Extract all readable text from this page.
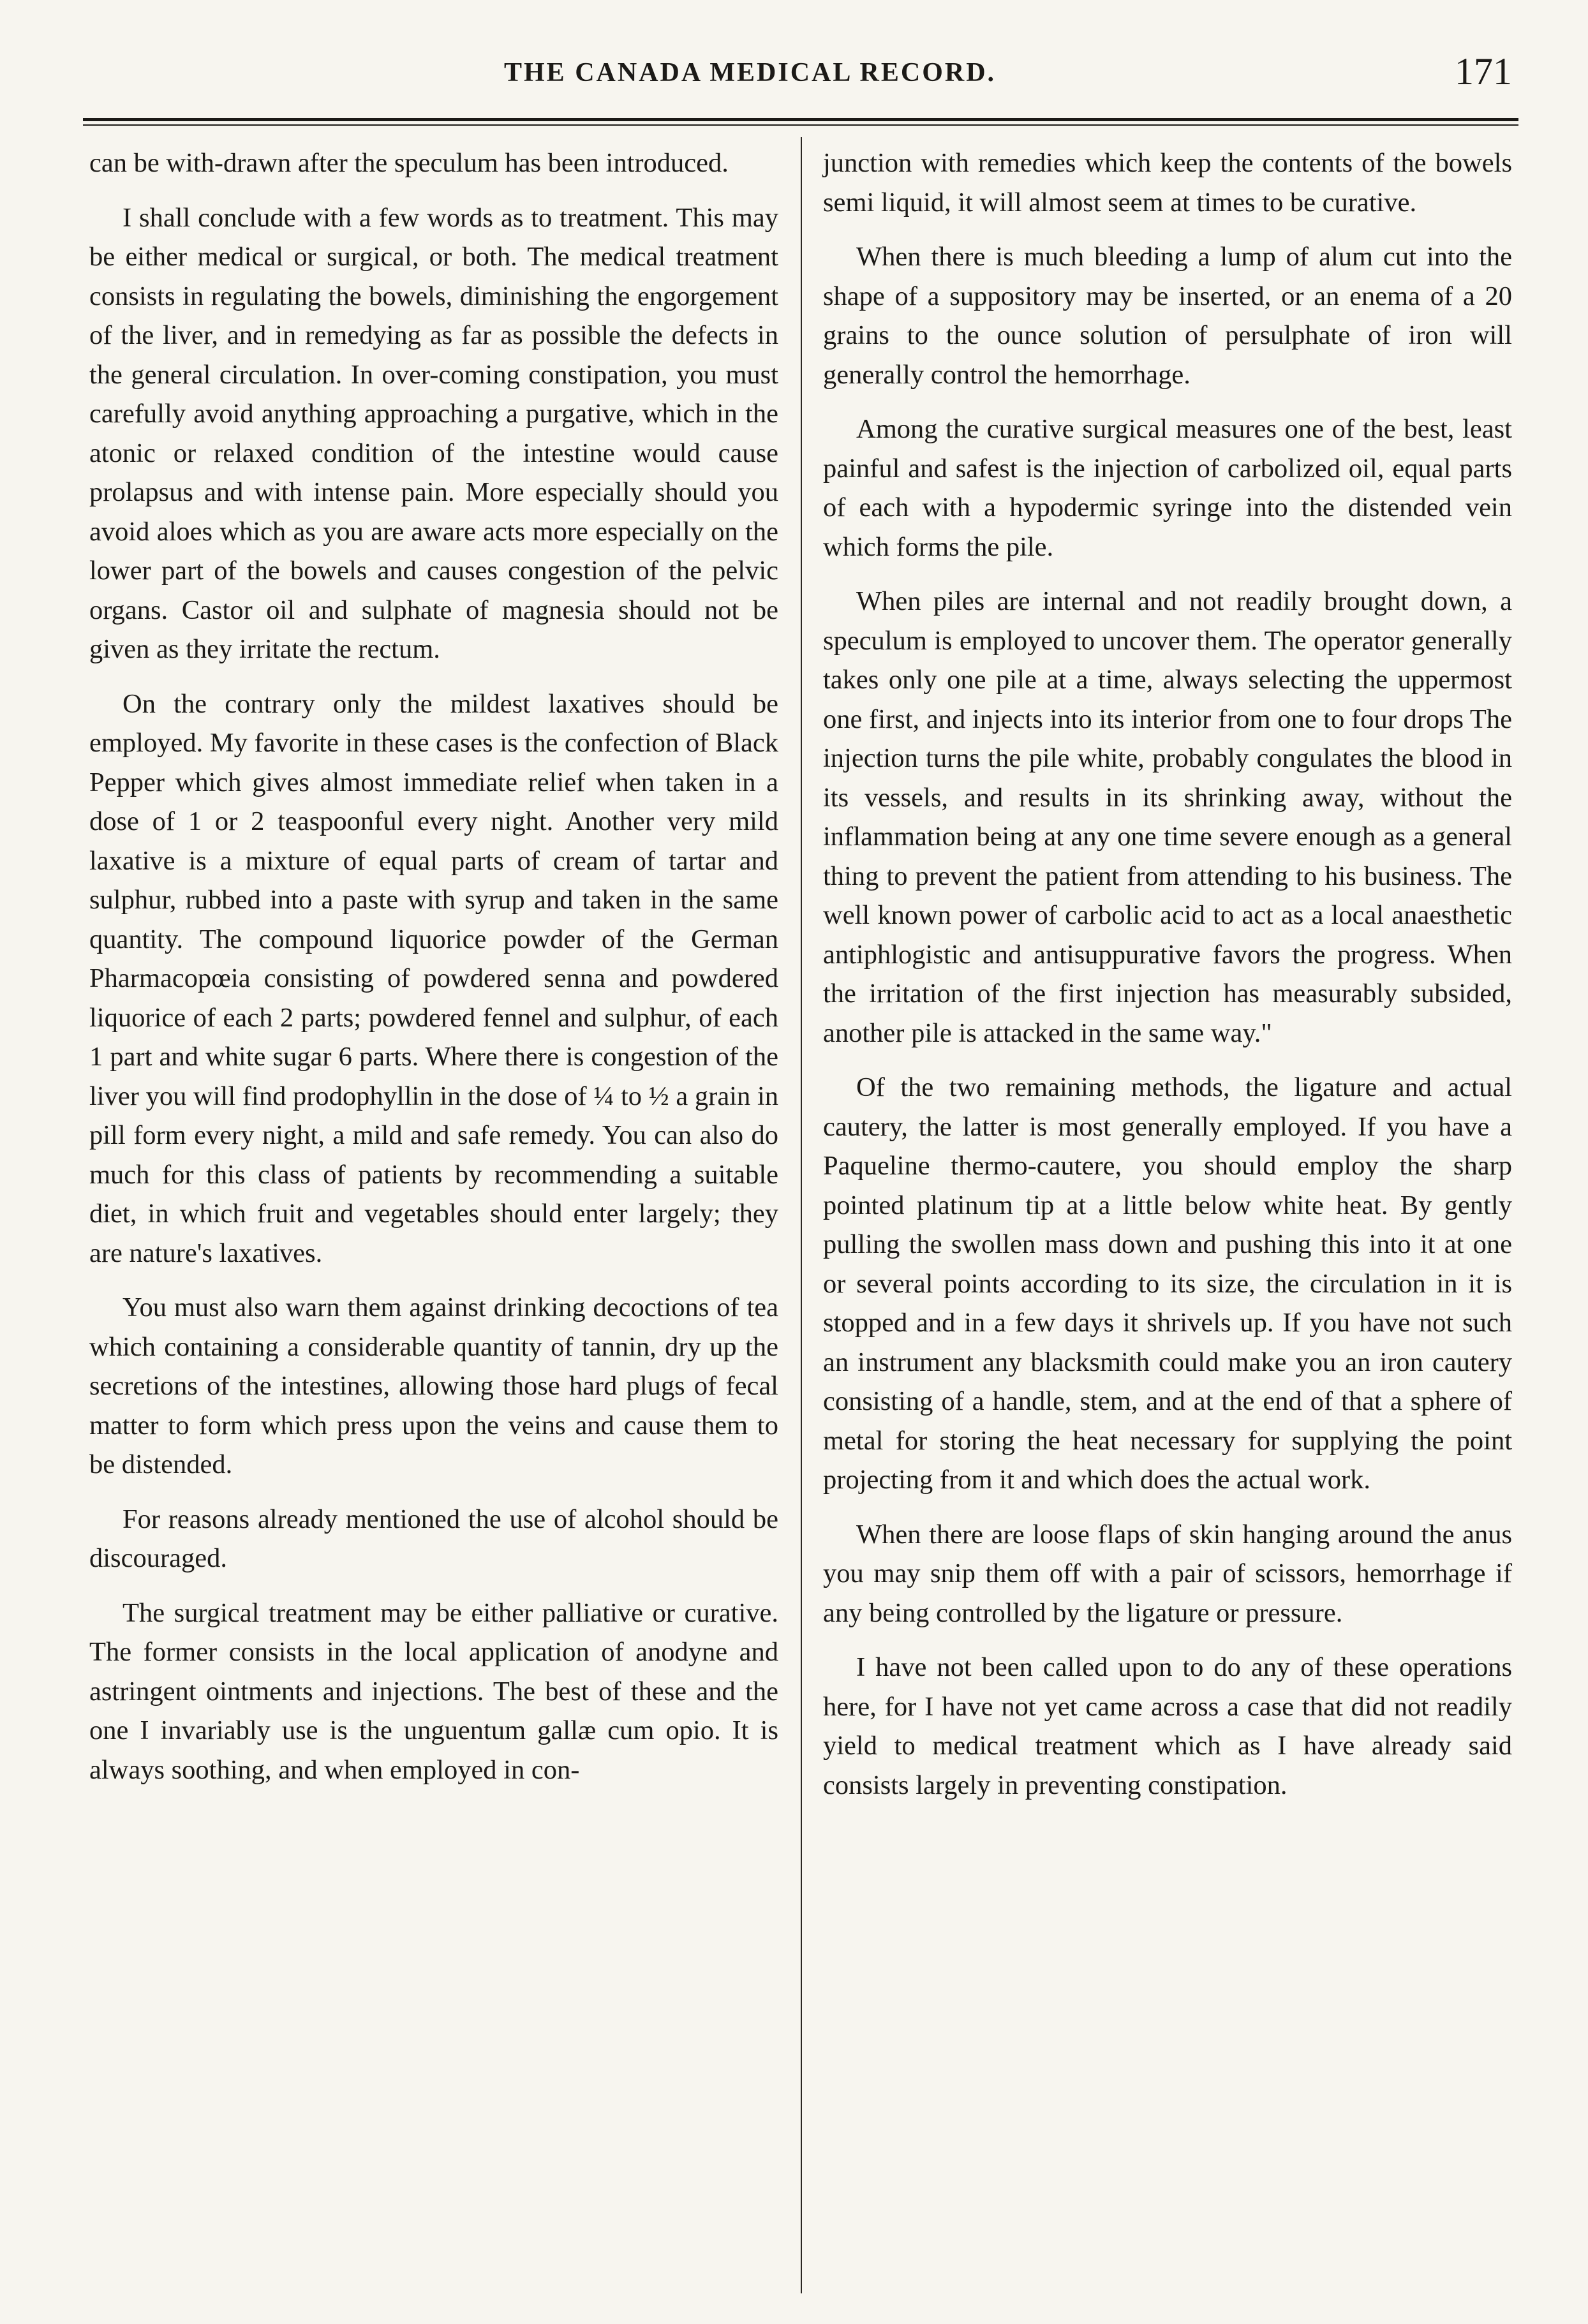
THE CANADA MEDICAL RECORD.	171

can be with-drawn after the speculum has been introduced.

I shall conclude with a few words as to treatment. This may be either medical or surgical, or both. The medical treatment consists in regulating the bowels, diminishing the engorgement of the liver, and in remedying as far as possible the defects in the general circulation. In over-coming constipation, you must carefully avoid anything approaching a purgative, which in the atonic or relaxed condition of the intestine would cause prolapsus and with intense pain. More especially should you avoid aloes which as you are aware acts more especially on the lower part of the bowels and causes congestion of the pelvic organs. Castor oil and sulphate of magnesia should not be given as they irritate the rectum.

On the contrary only the mildest laxatives should be employed. My favorite in these cases is the confection of Black Pepper which gives almost immediate relief when taken in a dose of 1 or 2 teaspoonful every night. Another very mild laxative is a mixture of equal parts of cream of tartar and sulphur, rubbed into a paste with syrup and taken in the same quantity. The compound liquorice powder of the German Pharmacopœia consisting of powdered senna and powdered liquorice of each 2 parts; powdered fennel and sulphur, of each 1 part and white sugar 6 parts. Where there is congestion of the liver you will find prodophyllin in the dose of ¼ to ½ a grain in pill form every night, a mild and safe remedy. You can also do much for this class of patients by recommending a suitable diet, in which fruit and vegetables should enter largely; they are nature's laxatives.

You must also warn them against drinking decoctions of tea which containing a considerable quantity of tannin, dry up the secretions of the intestines, allowing those hard plugs of fecal matter to form which press upon the veins and cause them to be distended.

For reasons already mentioned the use of alcohol should be discouraged.

The surgical treatment may be either palliative or curative. The former consists in the local application of anodyne and astringent ointments and injections. The best of these and the one I invariably use is the unguentum gallæ cum opio. It is always soothing, and when employed in con-

junction with remedies which keep the contents of the bowels semi liquid, it will almost seem at times to be curative.

When there is much bleeding a lump of alum cut into the shape of a suppository may be inserted, or an enema of a 20 grains to the ounce solution of persulphate of iron will generally control the hemorrhage.

Among the curative surgical measures one of the best, least painful and safest is the injection of carbolized oil, equal parts of each with a hypodermic syringe into the distended vein which forms the pile.

When piles are internal and not readily brought down, a speculum is employed to uncover them. The operator generally takes only one pile at a time, always selecting the uppermost one first, and injects into its interior from one to four drops The injection turns the pile white, probably congulates the blood in its vessels, and results in its shrinking away, without the inflammation being at any one time severe enough as a general thing to prevent the patient from attending to his business. The well known power of carbolic acid to act as a local anaesthetic antiphlogistic and antisuppurative favors the progress. When the irritation of the first injection has measurably subsided, another pile is attacked in the same way."

Of the two remaining methods, the ligature and actual cautery, the latter is most generally employed. If you have a Paqueline thermo-cautere, you should employ the sharp pointed platinum tip at a little below white heat. By gently pulling the swollen mass down and pushing this into it at one or several points according to its size, the circulation in it is stopped and in a few days it shrivels up. If you have not such an instrument any blacksmith could make you an iron cautery consisting of a handle, stem, and at the end of that a sphere of metal for storing the heat necessary for supplying the point projecting from it and which does the actual work.

When there are loose flaps of skin hanging around the anus you may snip them off with a pair of scissors, hemorrhage if any being controlled by the ligature or pressure.

I have not been called upon to do any of these operations here, for I have not yet came across a case that did not readily yield to medical treatment which as I have already said consists largely in preventing constipation.
